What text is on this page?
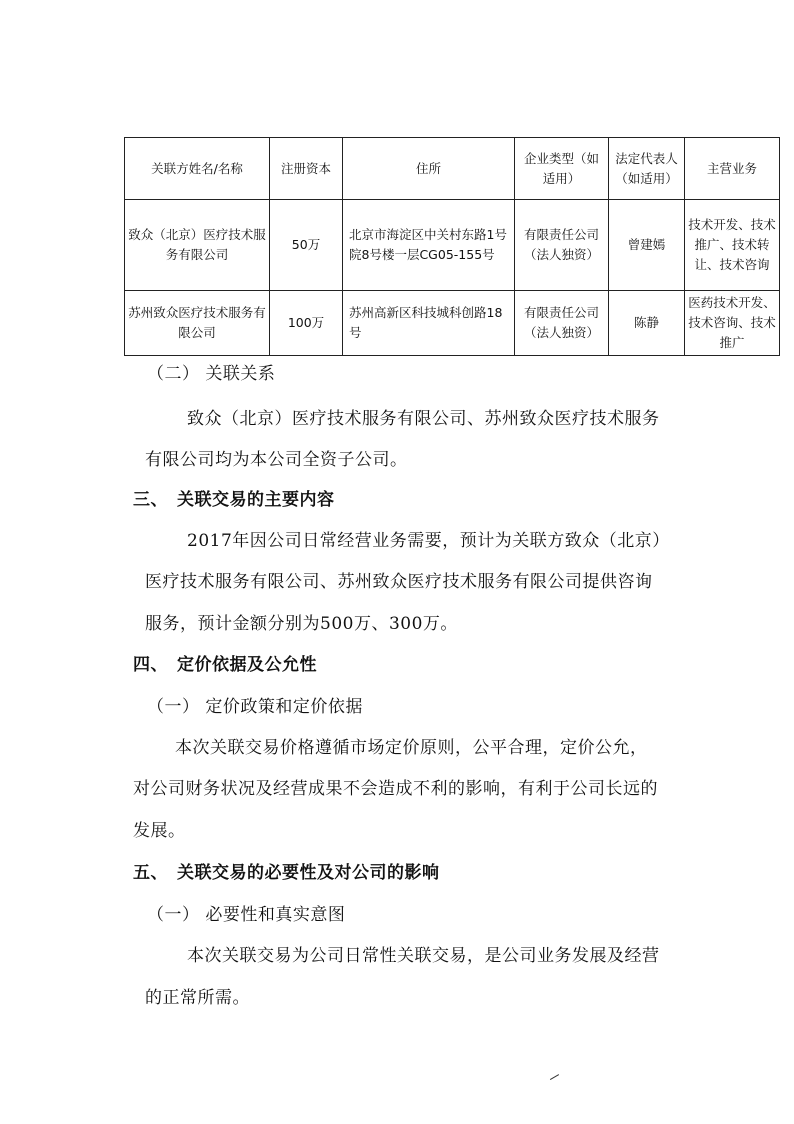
关联方姓名/名称	注册资本	住所	企业类型（如适用）	法定代表人（如适用）	主营业务
致众（北京）医疗技术服务有限公司	50万	北京市海淀区中关村东路1号院8号楼一层CG05-155号	有限责任公司（法人独资）	曾建嫣	技术开发、技术推广、技术转让、技术咨询
苏州致众医疗技术服务有限公司	100万	苏州高新区科技城科创路18号	有限责任公司（法人独资）	陈静	医药技术开发、技术咨询、技术推广
（二） 关联关系
致众（北京）医疗技术服务有限公司、苏州致众医疗技术服务
有限公司均为本公司全资子公司。
三、　关联交易的主要内容
2017年因公司日常经营业务需要，预计为关联方致众（北京）
医疗技术服务有限公司、苏州致众医疗技术服务有限公司提供咨询
服务，预计金额分别为500万、300万。
四、　定价依据及公允性
（一） 定价政策和定价依据
本次关联交易价格遵循市场定价原则，公平合理，定价公允，
对公司财务状况及经营成果不会造成不利的影响，有利于公司长远的
发展。
五、　关联交易的必要性及对公司的影响
（一） 必要性和真实意图
本次关联交易为公司日常性关联交易，是公司业务发展及经营
的正常所需。
